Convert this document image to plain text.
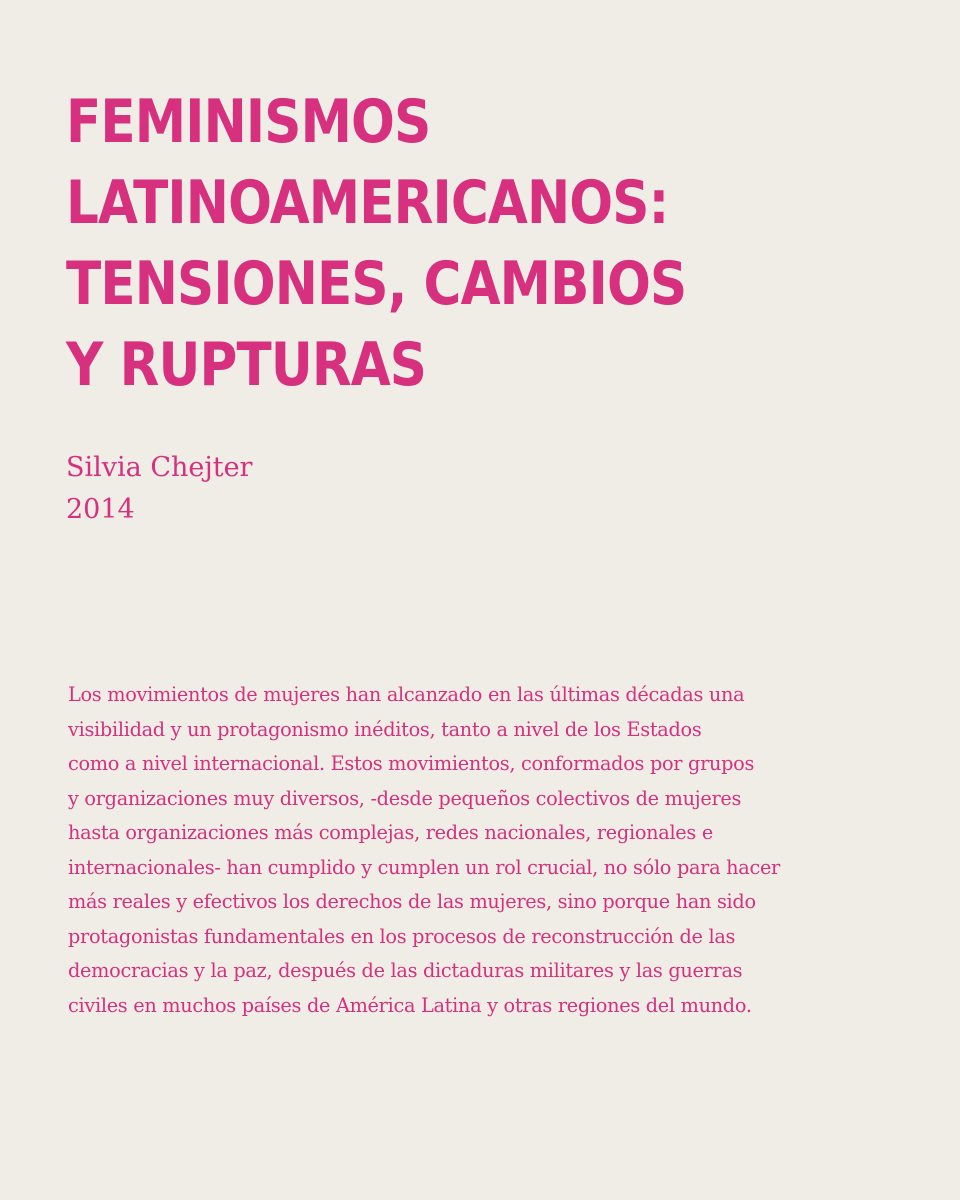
FEMINISMOS
LATINOAMERICANOS:
TENSIONES, CAMBIOS
Y RUPTURAS
Silvia Chejter
2014

Los movimientos de mujeres han alcanzado en las últimas décadas una
visibilidad y un protagonismo inéditos, tanto a nivel de los Estados
como a nivel internacional. Estos movimientos, conformados por grupos
y organizaciones muy diversos, -desde pequeños colectivos de mujeres
hasta organizaciones más complejas, redes nacionales, regionales e
internacionales- han cumplido y cumplen un rol crucial, no sólo para hacer
más reales y efectivos los derechos de las mujeres, sino porque han sido
protagonistas fundamentales en los procesos de reconstrucción de las
democracias y la paz, después de las dictaduras militares y las guerras
civiles en muchos países de América Latina y otras regiones del mundo.
